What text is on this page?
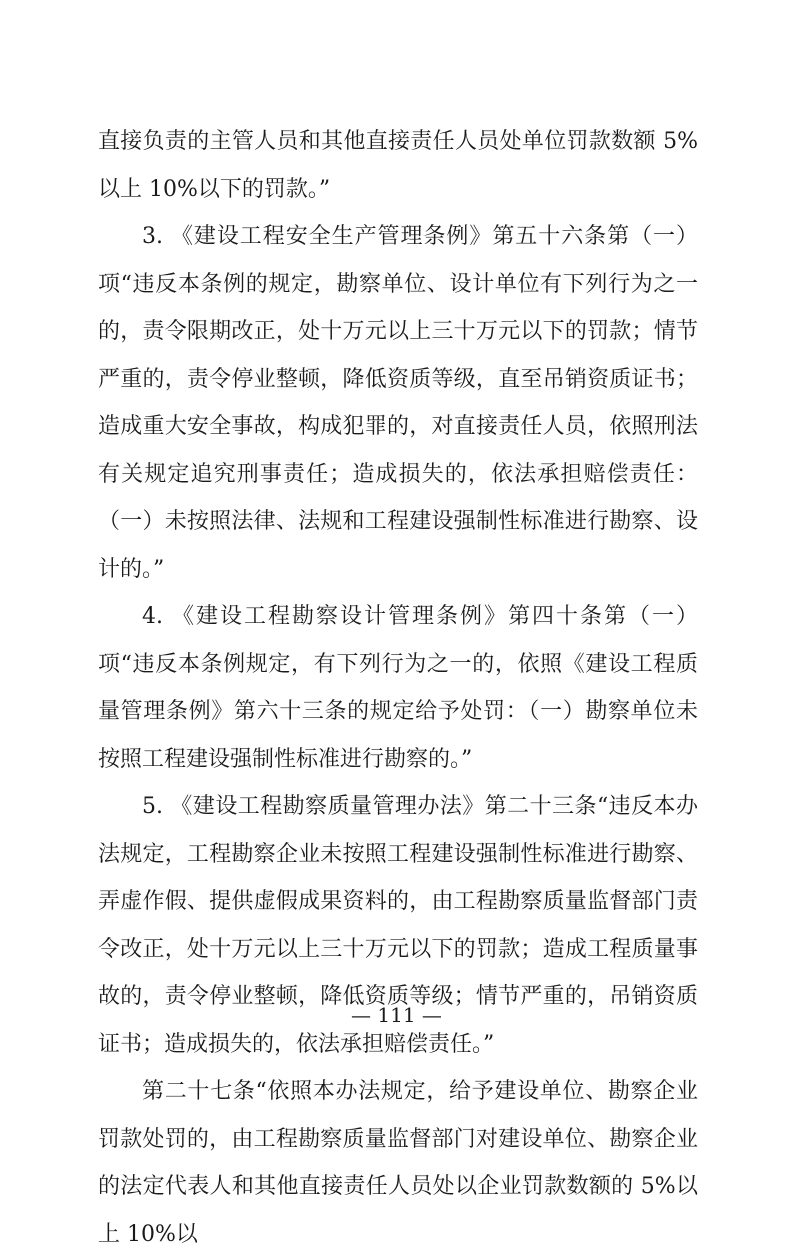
直接负责的主管人员和其他直接责任人员处单位罚款数额 5%以上 10%以下的罚款。”

3. 《建设工程安全生产管理条例》第五十六条第（一）项“违反本条例的规定，勘察单位、设计单位有下列行为之一的，责令限期改正，处十万元以上三十万元以下的罚款；情节严重的，责令停业整顿，降低资质等级，直至吊销资质证书；造成重大安全事故，构成犯罪的，对直接责任人员，依照刑法有关规定追究刑事责任；造成损失的，依法承担赔偿责任：（一）未按照法律、法规和工程建设强制性标准进行勘察、设计的。”

4. 《建设工程勘察设计管理条例》第四十条第（一）项“违反本条例规定，有下列行为之一的，依照《建设工程质量管理条例》第六十三条的规定给予处罚：（一）勘察单位未按照工程建设强制性标准进行勘察的。”

5. 《建设工程勘察质量管理办法》第二十三条“违反本办法规定，工程勘察企业未按照工程建设强制性标准进行勘察、弄虚作假、提供虚假成果资料的，由工程勘察质量监督部门责令改正，处十万元以上三十万元以下的罚款；造成工程质量事故的，责令停业整顿，降低资质等级；情节严重的，吊销资质证书；造成损失的，依法承担赔偿责任。”

第二十七条“依照本办法规定，给予建设单位、勘察企业罚款处罚的，由工程勘察质量监督部门对建设单位、勘察企业的法定代表人和其他直接责任人员处以企业罚款数额的 5%以上 10%以

— 111 —
